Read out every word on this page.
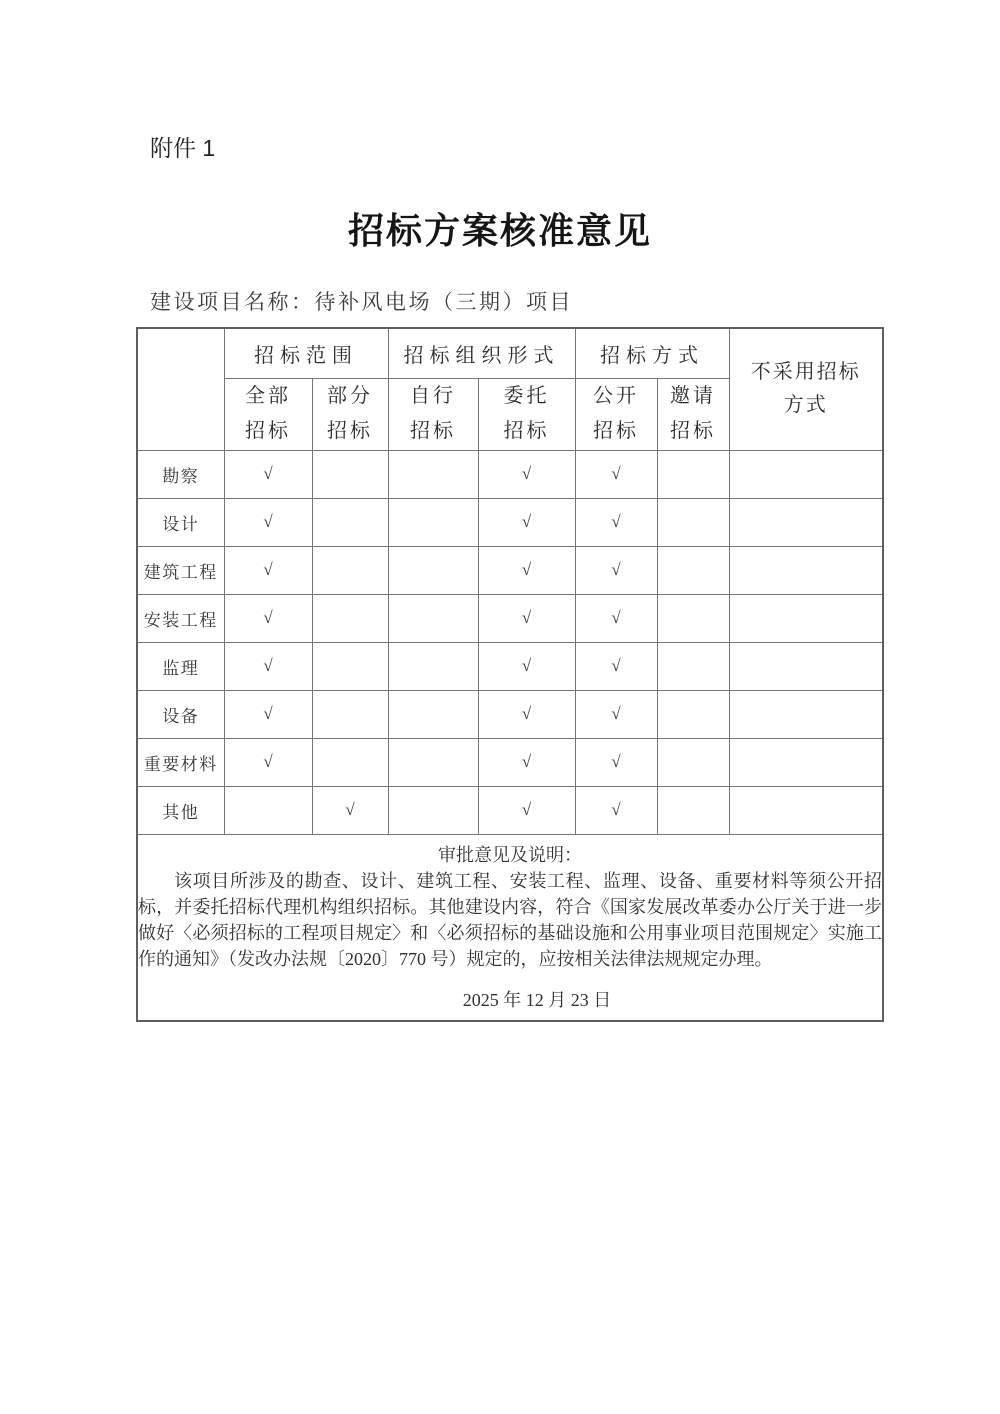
附件 1
招标方案核准意见
建设项目名称：待补风电场（三期）项目
	招标范围		招标组织形式		招标方式		不采用招标方式
	全部招标	部分招标	自行招标	委托招标	公开招标	邀请招标	
勘察	√			√	√		
设计	√			√	√		
建筑工程	√			√	√		
安装工程	√			√	√		
监理	√			√	√		
设备	√			√	√		
重要材料	√			√	√		
其他		√		√	√		

审批意见及说明：

该项目所涉及的勘查、设计、建筑工程、安装工程、监理、设备、重要材料等须公开招标，并委托招标代理机构组织招标。其他建设内容，符合《国家发展改革委办公厅关于进一步做好〈必须招标的工程项目规定〉和〈必须招标的基础设施和公用事业项目范围规定〉实施工作的通知》（发改办法规〔2020〕770 号）规定的，应按相关法律法规规定办理。

2025 年 12 月 23 日							
